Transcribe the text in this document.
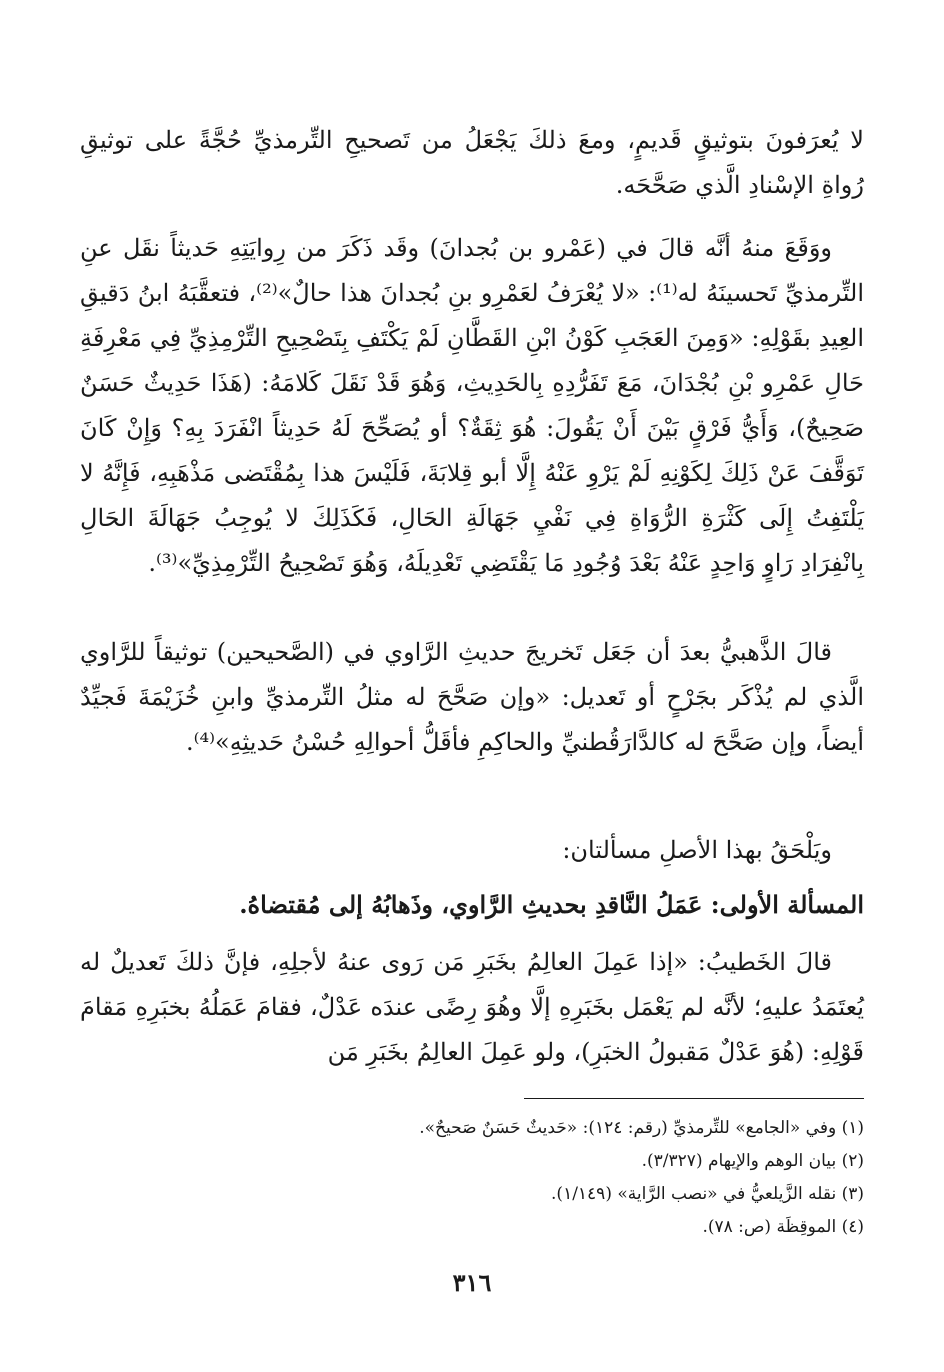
لا يُعرَفونَ بتوثيقٍ قَديمٍ، ومعَ ذلكَ يَجْعَلُ من تَصحيحِ التِّرمذيِّ حُجَّةً على توثيقِ رُواةِ الإسْنادِ الَّذي صَحَّحَه.
ووَقَعَ منهُ أنَّه قالَ في (عَمْرو بن بُجدانَ) وقَد ذَكَرَ من رِوايَتِهِ حَديثاً نقَل عنِ التِّرمذيِّ تَحسينَهُ له⁽¹⁾: «لا يُعْرَفُ لعَمْرِو بنِ بُجدانَ هذا حالٌ»⁽²⁾، فتعقَّبَهُ ابنُ دَقيقِ العِيدِ بقَوْلِهِ: «وَمِنَ العَجَبِ كَوْنُ ابْنِ القَطَّانِ لَمْ يَكْتَفِ بِتَصْحِيحِ التِّرْمِذِيِّ فِي مَعْرِفَةِ حَالِ عَمْرِو بْنِ بُجْدَانَ، مَعَ تَفَرُّدِهِ بِالحَدِيثِ، وَهُوَ قَدْ نَقَلَ كَلامَهُ: (هَذَا حَدِيثٌ حَسَنٌ صَحِيحٌ)، وَأَيُّ فَرْقٍ بَيْنَ أَنْ يَقُولَ: هُوَ ثِقَةٌ؟ أو يُصَحِّحَ لَهُ حَدِيثاً انْفَرَدَ بِهِ؟ وَإِنْ كَانَ تَوَقَّفَ عَنْ ذَلِكَ لِكَوْنِهِ لَمْ يَرْوِ عَنْهُ إِلَّا أبو قِلابَةَ، فَلَيْسَ هذا بِمُقْتَضى مَذْهَبِهِ، فَإِنَّهُ لا يَلْتَفِتُ إِلَى كَثْرَةِ الرُّوَاةِ فِي نَفْيِ جَهَالَةِ الحَالِ، فَكَذَلِكَ لا يُوجِبُ جَهَالَةَ الحَالِ بِانْفِرَادِ رَاوٍ وَاحِدٍ عَنْهُ بَعْدَ وُجُودِ مَا يَقْتَضِي تَعْدِيلَهُ، وَهُوَ تَصْحِيحُ التِّرْمِذِيِّ»⁽³⁾.
قالَ الذَّهبيُّ بعدَ أن جَعَل تَخريجَ حديثِ الرَّاوي في (الصَّحيحين) توثيقاً للرَّاوي الَّذي لم يُذْكَر بجَرْحٍ أو تَعديل: «وإن صَحَّحَ له مثلُ التِّرمذيِّ وابنِ خُزَيْمَةَ فَجيِّدٌ أيضاً، وإن صَحَّحَ له كالدَّارَقُطنيِّ والحاكِمِ فأقَلُّ أحوالِهِ حُسْنُ حَديثِهِ»⁽⁴⁾.
ويَلْحَقُ بهذا الأصلِ مسألتان:
المسألة الأولى: عَمَلُ النَّاقدِ بحديثِ الرَّاوي، وذَهابُهُ إلى مُقتضاهُ.
قالَ الخَطيبُ: «إذا عَمِلَ العالِمُ بخَبَرِ مَن رَوى عنهُ لأجلِهِ، فإنَّ ذلكَ تَعديلٌ له يُعتَمَدُ عليهِ؛ لأنَّه لم يَعْمَل بخَبَرِهِ إلَّا وهُوَ رِضًى عندَه عَدْلٌ، فقامَ عَمَلُهُ بخبَرِهِ مَقامَ قَوْلِهِ: (هُوَ عَدْلٌ مَقبولُ الخبَرِ)، ولو عَمِلَ العالِمُ بخَبَرِ مَن
(١) وفي «الجامع» للتِّرمذيِّ (رقم: ١٢٤): «حَديثٌ حَسَنٌ صَحيحٌ».
(٢) بيان الوهم والإيهام (٣/٣٢٧).
(٣) نقله الزَّيلعيُّ في «نصب الرَّاية» (١/١٤٩).
(٤) الموقِظَة (ص: ٧٨).
٣١٦
